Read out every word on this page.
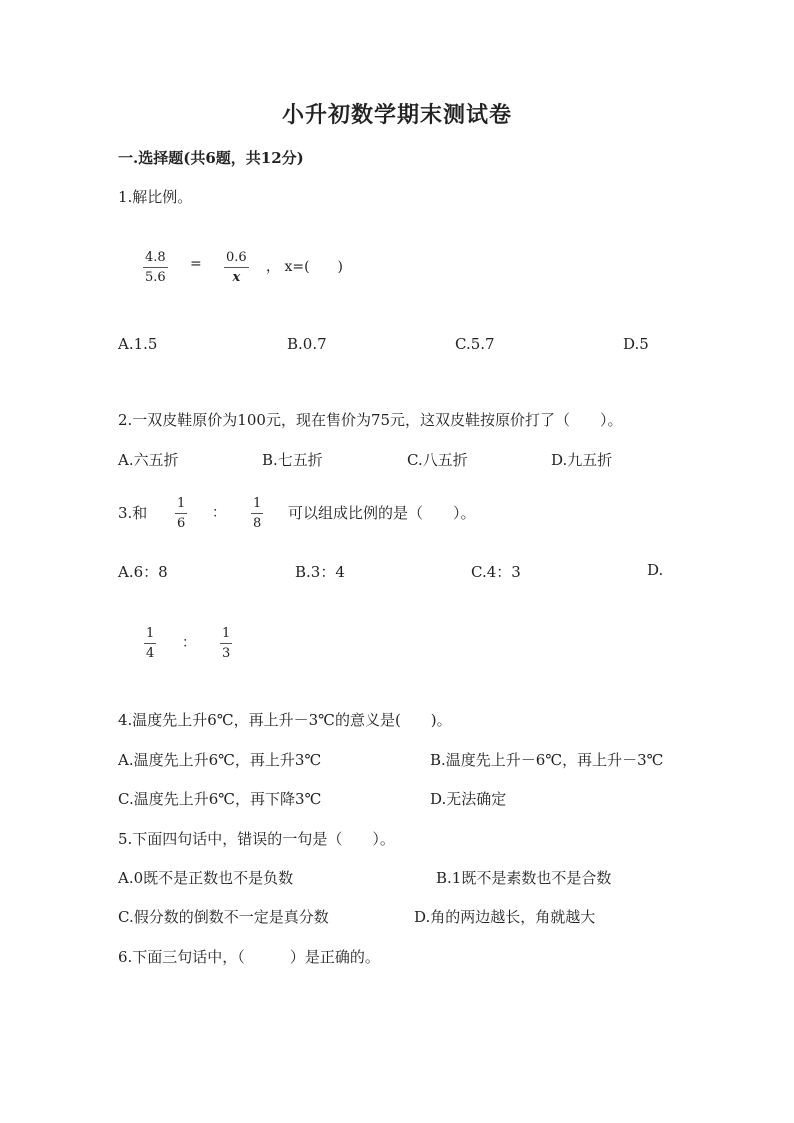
小升初数学期末测试卷
一.选择题(共6题，共12分)
1.解比例。
$\frac{4.8}{5.6} = \frac{0.6}{x}$ ， x=(　　)
A.1.5	B.0.7	C.5.7	D.5
2.一双皮鞋原价为100元，现在售价为75元，这双皮鞋按原价打了（　　）。
A.六五折	B.七五折	C.八五折	D.九五折
3.和 $\frac{1}{6}$ ： $\frac{1}{8}$ 可以组成比例的是（　　）。
A.6：8	B.3：4	C.4：3	D.
$\frac{1}{4}$ ： $\frac{1}{3}$
4.温度先上升6℃，再上升－3℃的意义是(　　)。
A.温度先上升6℃，再上升3℃	B.温度先上升－6℃，再上升－3℃
C.温度先上升6℃，再下降3℃	D.无法确定
5.下面四句话中，错误的一句是（　　）。
A.0既不是正数也不是负数	B.1既不是素数也不是合数
C.假分数的倒数不一定是真分数	D.角的两边越长，角就越大
6.下面三句话中，（　　　）是正确的。
